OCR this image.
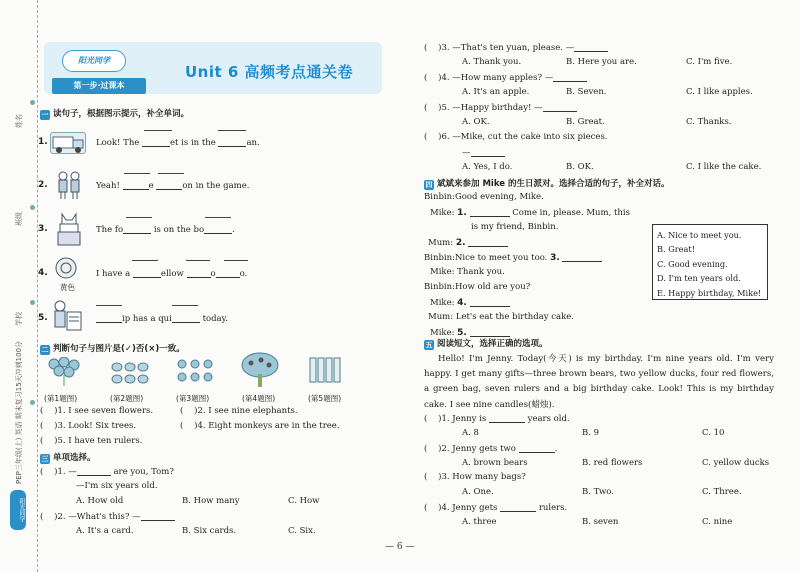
姓名
班级
学校
PEP三年级(上) 英语 期末复习15天冲刺100分
阳光同学
阳光同学
第一步·过课本
Unit 6 高频考点通关卷
一 读句子，根据图示提示，补全单词。
1.	Look! The	et is in the	an.
2.	Yeah!	e	on in the game.
3.	The fo	is on the bo	.
黄色
4.	I have a	ellow	o	o.
5.	ip has a qui	today.
二 判断句子与图片是(✓)否(×)一致。
(第1题图)	(第2题图)	(第3题图)	(第4题图)	(第5题图)
(    )1. I see seven flowers.	(    )2. I see nine elephants.
(    )3. Look! Six trees.	(    )4. Eight monkeys are in the tree.
(    )5. I have ten rulers.
三 单项选择。
(    )1. —	are you, Tom?
—I'm six years old.
A. How old	B. How many	C. How
(    )2. —What's this? —
A. It's a card.	B. Six cards.	C. Six.
(    )3. —That's ten yuan, please. —
A. Thank you.	B. Here you are.	C. I'm five.
(    )4. —How many apples? —
A. It's an apple.	B. Seven.	C. I like apples.
(    )5. —Happy birthday! —
A. OK.	B. Great.	C. Thanks.
(    )6. —Mike, cut the cake into six pieces.
—
A. Yes, I do.	B. OK.	C. I like the cake.
四 斌斌来参加 Mike 的生日派对。选择合适的句子，补全对话。
Binbin:Good evening, Mike.
Mike: 1.	Come in, please. Mum, this
is my friend, Binbin.
Mum: 2.
Binbin:Nice to meet you too. 3.
Mike: Thank you.
Binbin:How old are you?
Mike: 4.
Mum: Let's eat the birthday cake.
Mike: 5.
A. Nice to meet you.
B. Great!
C. Good evening.
D. I'm ten years old.
E. Happy birthday, Mike!
五 阅读短文，选择正确的选项。
Hello! I'm Jenny. Today(今天) is my birthday. I'm nine years old. I'm very happy. I get many gifts—three brown bears, two yellow ducks, four red flowers, a green bag, seven rulers and a big birthday cake. Look! This is my birthday cake. I see nine candles(蜡烛).
(    )1. Jenny is	years old.
A. 8	B. 9	C. 10
(    )2. Jenny gets two	.
A. brown bears	B. red flowers	C. yellow ducks
(    )3. How many bags?
A. One.	B. Two.	C. Three.
(    )4. Jenny gets	rulers.
A. three	B. seven	C. nine
— 6 —
